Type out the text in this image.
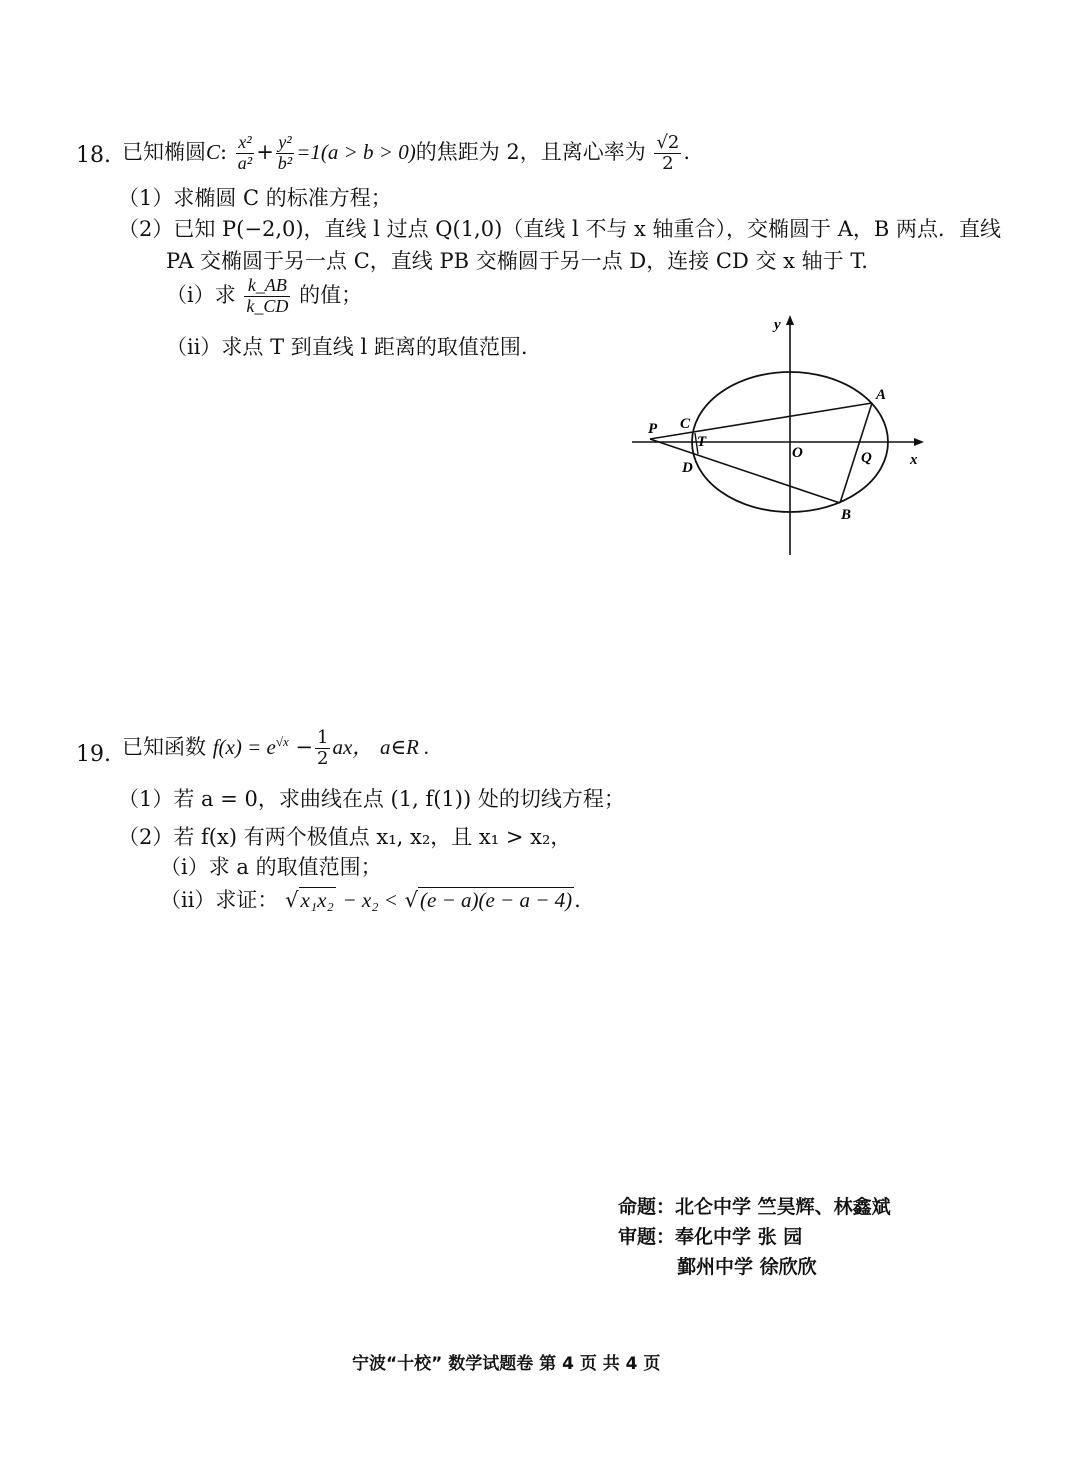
18. 已知椭圆C: $\frac{\text{x²}}{\text{a²}} + \frac{\text{y²}}{\text{b²}} =1(a > b > 0)$的焦距为 2，且离心率为 $\frac{√2}{2}$ .
（1）求椭圆 C 的标准方程；
（2）已知 P(−2,0)，直线 l 过点 Q(1,0)（直线 l 不与 x 轴重合），交椭圆于 A，B 两点．直线
PA 交椭圆于另一点 C，直线 PB 交椭圆于另一点 D，连接 CD 交 x 轴于 T.
（i）求 $\frac{k\_AB}{k\_CD}$ 的值；
（ii）求点 T 到直线 l 距离的取值范围.
P C
T
D
O
A
Q
B
x
y
19. 已知函数 $f(x) = e^{√x} - \frac{1}{2}$ ax， a∈R .
（1）若 a = 0，求曲线在点 (1, f(1)) 处的切线方程；
（2）若 f(x) 有两个极值点 x₁, x₂，且 x₁ > x₂，
（i）求 a 的取值范围；
（ii）求证： √x₁x₂ − x₂ < √(e − a)(e − a − 4).
命题：北仑中学 竺昊辉、林鑫斌
审题：奉化中学 张 园
鄞州中学 徐欣欣
宁波“十校” 数学试题卷 第 4 页 共 4 页
